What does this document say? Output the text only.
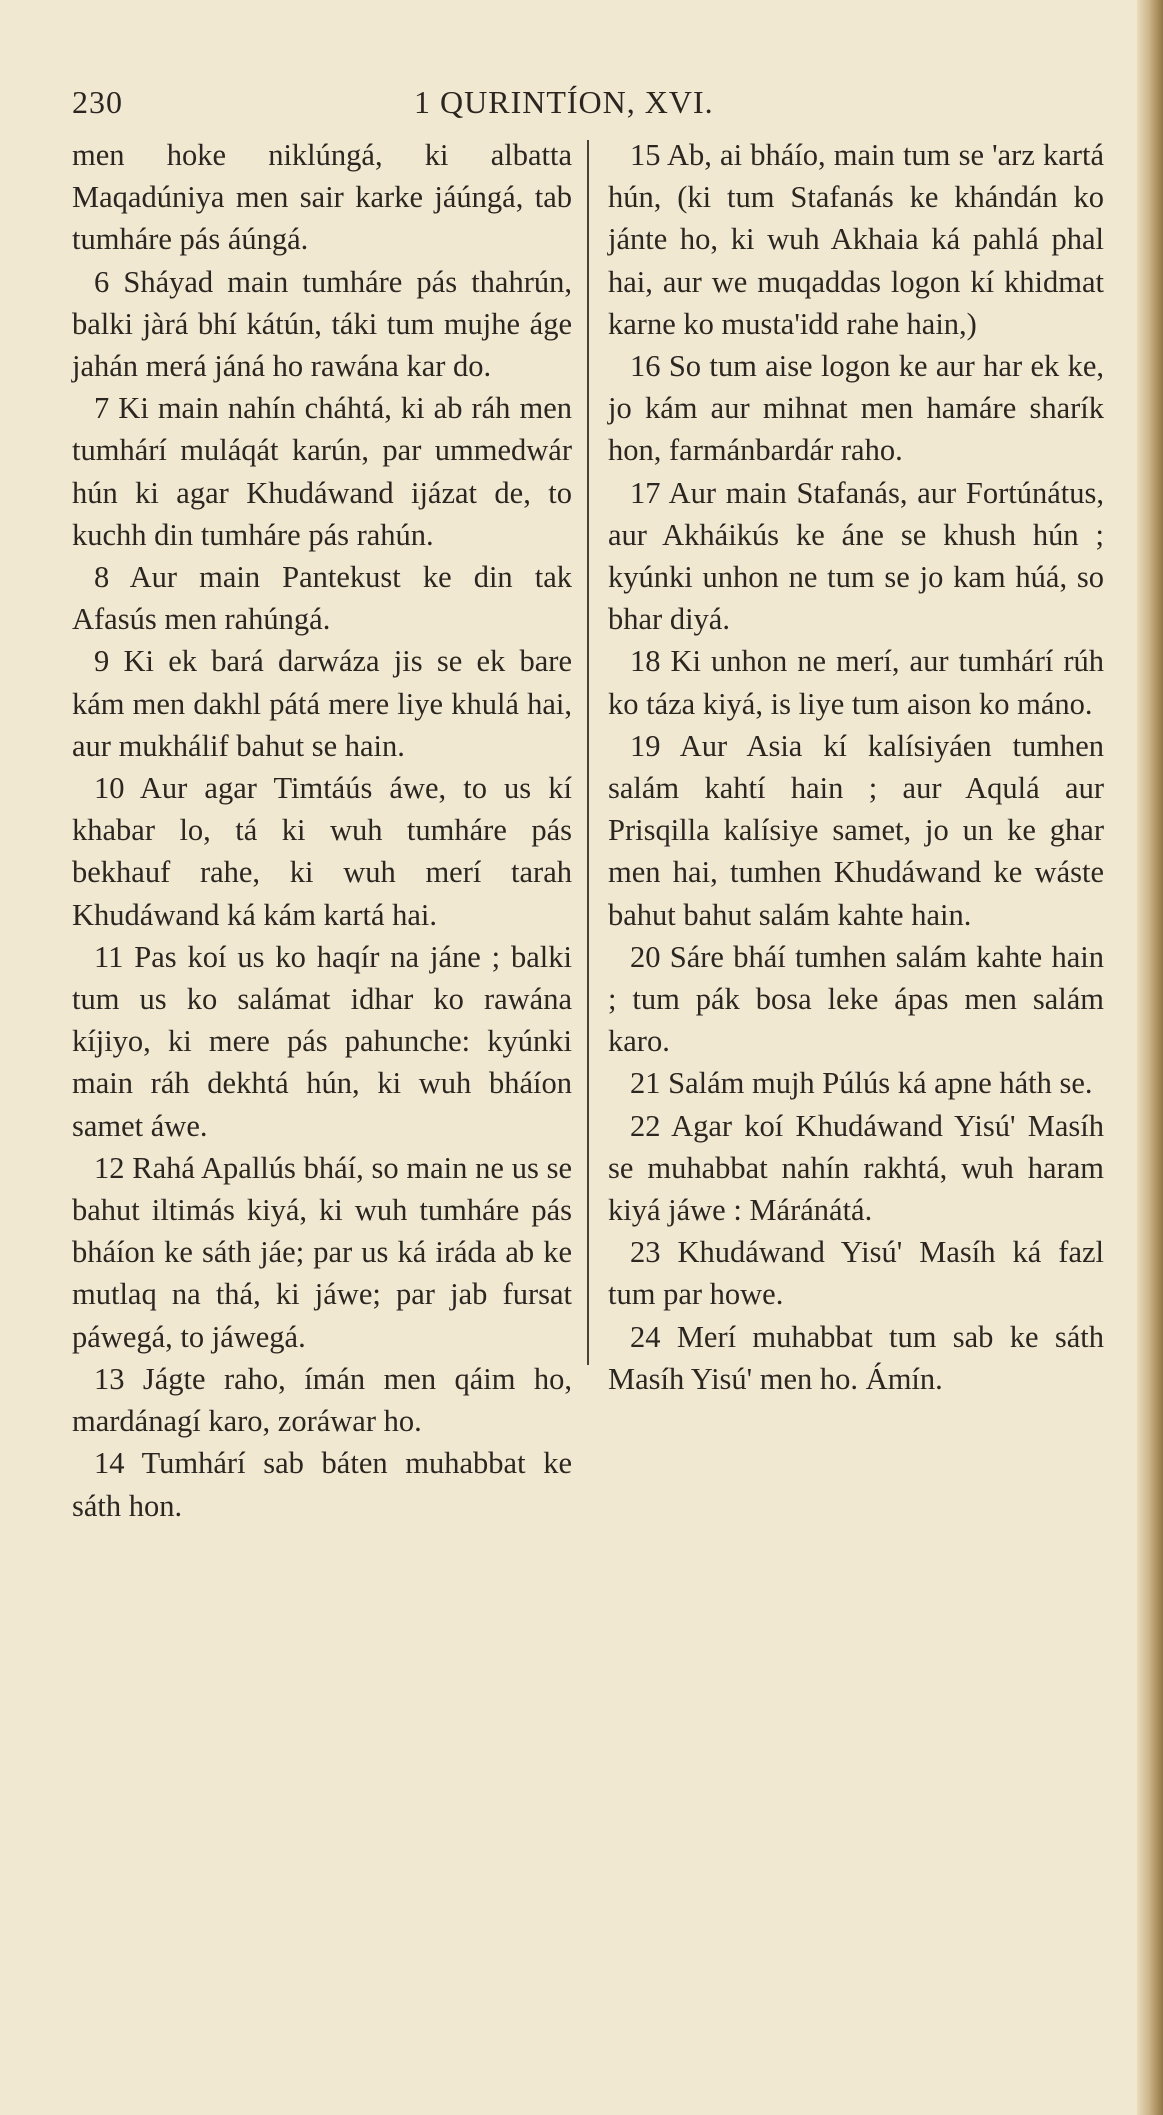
230	1 QURINTÍON, XVI.

men hoke niklúngá, ki albatta Maqadúniya men sair karke jáúngá, tab tumháre pás áúngá.

6 Sháyad main tumháre pás thahrún, balki jàrá bhí kátún, táki tum mujhe áge jahán merá jáná ho rawána kar do.

7 Ki main nahín cháhtá, ki ab ráh men tumhárí muláqát karún, par ummedwár hún ki agar Khudáwand ijázat de, to kuchh din tumháre pás rahún.

8 Aur main Pantekust ke din tak Afasús men rahúngá.

9 Ki ek bará darwáza jis se ek bare kám men dakhl pátá mere liye khulá hai, aur mukhálif bahut se hain.

10 Aur agar Timtáús áwe, to us kí khabar lo, tá ki wuh tumháre pás bekhauf rahe, ki wuh merí tarah Khudáwand ká kám kartá hai.

11 Pas koí us ko haqír na jáne ; balki tum us ko salámat idhar ko rawána kíjiyo, ki mere pás pahunche: kyúnki main ráh dekhtá hún, ki wuh bháíon samet áwe.

12 Rahá Apallús bháí, so main ne us se bahut iltimás kiyá, ki wuh tumháre pás bháíon ke sáth jáe; par us ká iráda ab ke mutlaq na thá, ki jáwe; par jab fursat páwegá, to jáwegá.

13 Jágte raho, ímán men qáim ho, mardánagí karo, zoráwar ho.

14 Tumhárí sab báten muhabbat ke sáth hon.

15 Ab, ai bháío, main tum se 'arz kartá hún, (ki tum Stafanás ke khándán ko jánte ho, ki wuh Akhaia ká pahlá phal hai, aur we muqaddas logon kí khidmat karne ko musta'idd rahe hain,)

16 So tum aise logon ke aur har ek ke, jo kám aur mihnat men hamáre sharík hon, farmánbardár raho.

17 Aur main Stafanás, aur Fortúnátus, aur Akháikús ke áne se khush hún ; kyúnki unhon ne tum se jo kam húá, so bhar diyá.

18 Ki unhon ne merí, aur tumhárí rúh ko táza kiyá, is liye tum aison ko máno.

19 Aur Asia kí kalísiyáen tumhen salám kahtí hain ; aur Aqulá aur Prisqilla kalísiye samet, jo un ke ghar men hai, tumhen Khudáwand ke wáste bahut bahut salám kahte hain.

20 Sáre bháí tumhen salám kahte hain ; tum pák bosa leke ápas men salám karo.

21 Salám mujh Púlús ká apne háth se.

22 Agar koí Khudáwand Yisú' Masíh se muhabbat nahín rakhtá, wuh haram kiyá jáwe : Máránátá.

23 Khudáwand Yisú' Masíh ká fazl tum par howe.

24 Merí muhabbat tum sab ke sáth Masíh Yisú' men ho. Ámín.
